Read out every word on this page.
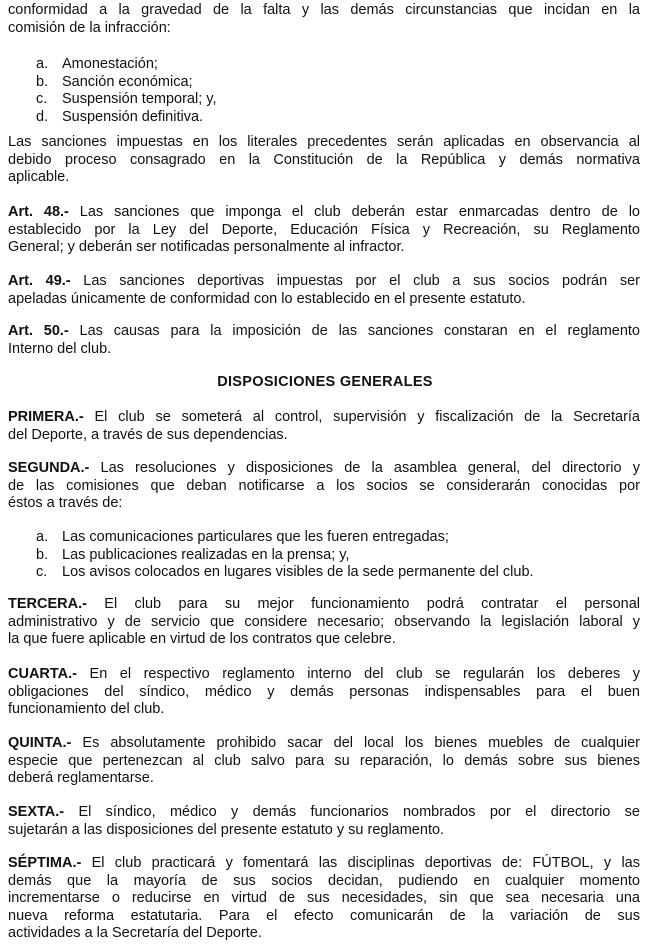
conformidad a la gravedad de la falta y las demás circunstancias que incidan en la
comisión de la infracción:

a. Amonestación;
b. Sanción económica;
c. Suspensión temporal; y,
d. Suspensión definitiva.

Las sanciones impuestas en los literales precedentes serán aplicadas en observancia al
debido proceso consagrado en la Constitución de la República y demás normativa
aplicable.

Art. 48.- Las sanciones que imponga el club deberán estar enmarcadas dentro de lo
establecido por la Ley del Deporte, Educación Física y Recreación, su Reglamento
General; y deberán ser notificadas personalmente al infractor.

Art. 49.- Las sanciones deportivas impuestas por el club a sus socios podrán ser
apeladas únicamente de conformidad con lo establecido en el presente estatuto.

Art. 50.- Las causas para la imposición de las sanciones constaran en el reglamento
Interno del club.

DISPOSICIONES GENERALES

PRIMERA.- El club se someterá al control, supervisión y fiscalización de la Secretaría
del Deporte, a través de sus dependencias.

SEGUNDA.- Las resoluciones y disposiciones de la asamblea general, del directorio y
de las comisiones que deban notificarse a los socios se considerarán conocidas por
éstos a través de:

a. Las comunicaciones particulares que les fueren entregadas;
b. Las publicaciones realizadas en la prensa; y,
c. Los avisos colocados en lugares visibles de la sede permanente del club.

TERCERA.- El club para su mejor funcionamiento podrá contratar el personal
administrativo y de servicio que considere necesario; observando la legislación laboral y
la que fuere aplicable en virtud de los contratos que celebre.

CUARTA.- En el respectivo reglamento interno del club se regularán los deberes y
obligaciones del síndico, médico y demás personas indispensables para el buen
funcionamiento del club.

QUINTA.- Es absolutamente prohibido sacar del local los bienes muebles de cualquier
especie que pertenezcan al club salvo para su reparación, lo demás sobre sus bienes
deberá reglamentarse.

SEXTA.- El síndico, médico y demás funcionarios nombrados por el directorio se
sujetarán a las disposiciones del presente estatuto y su reglamento.

SÉPTIMA.- El club practicará y fomentará las disciplinas deportivas de: FÚTBOL, y las
demás que la mayoría de sus socios decidan, pudiendo en cualquier momento
incrementarse o reducirse en virtud de sus necesidades, sin que sea necesaria una
nueva reforma estatutaria. Para el efecto comunicarán de la variación de sus
actividades a la Secretaría del Deporte.
